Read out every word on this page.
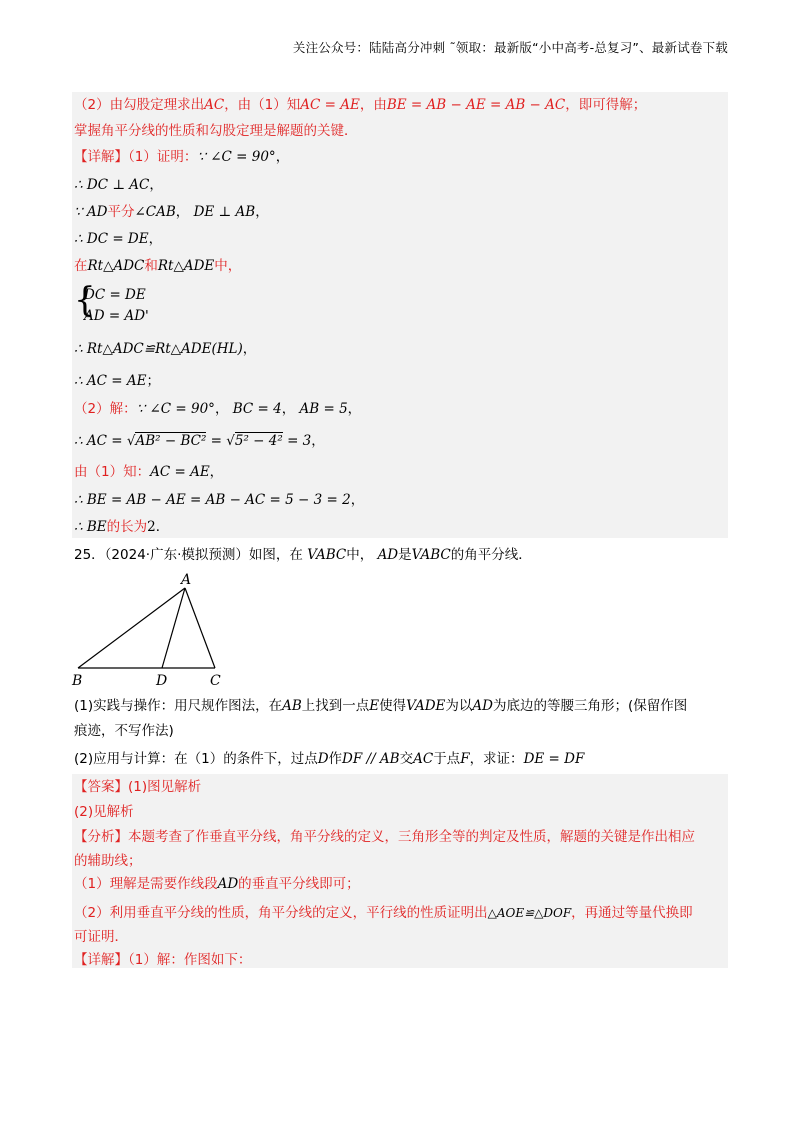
关注公众号：陆陆高分冲刺 ˜领取：最新版“小中高考-总复习”、最新试卷下载
（2）由勾股定理求出AC，由（1）知AC = AE，由BE = AB − AE = AB − AC，即可得解；
掌握角平分线的性质和勾股定理是解题的关键．
【详解】（1）证明：∵ ∠C = 90°，
∴ DC ⊥ AC，
∵ AD平分∠CAB， DE ⊥ AB，
∴ DC = DE，
在Rt△ADC和Rt△ADE中，
{
DC = DE
AD = AD'
∴ Rt△ADC≌Rt△ADE(HL)，
∴ AC = AE；
（2）解：∵ ∠C = 90°， BC = 4， AB = 5，
∴ AC = √AB² − BC² = √5² − 4² = 3，
由（1）知：AC = AE，
∴ BE = AB − AE = AB − AC = 5 − 3 = 2，
∴ BE的长为2．
25．（2024·广东·模拟预测）如图，在 VABC中， AD是VABC的角平分线．
A
B	D	C
(1)实践与操作：用尺规作图法，在AB上找到一点E使得VADE为以AD为底边的等腰三角形；(保留作图
痕迹，不写作法)
(2)应用与计算：在（1）的条件下，过点D作DF // AB交AC于点F，求证：DE = DF
【答案】(1)图见解析
(2)见解析
【分析】本题考查了作垂直平分线，角平分线的定义，三角形全等的判定及性质，解题的关键是作出相应
的辅助线；
（1）理解是需要作线段AD的垂直平分线即可；
（2）利用垂直平分线的性质，角平分线的定义，平行线的性质证明出△AOE≌△DOF，再通过等量代换即
可证明．
【详解】（1）解：作图如下：
